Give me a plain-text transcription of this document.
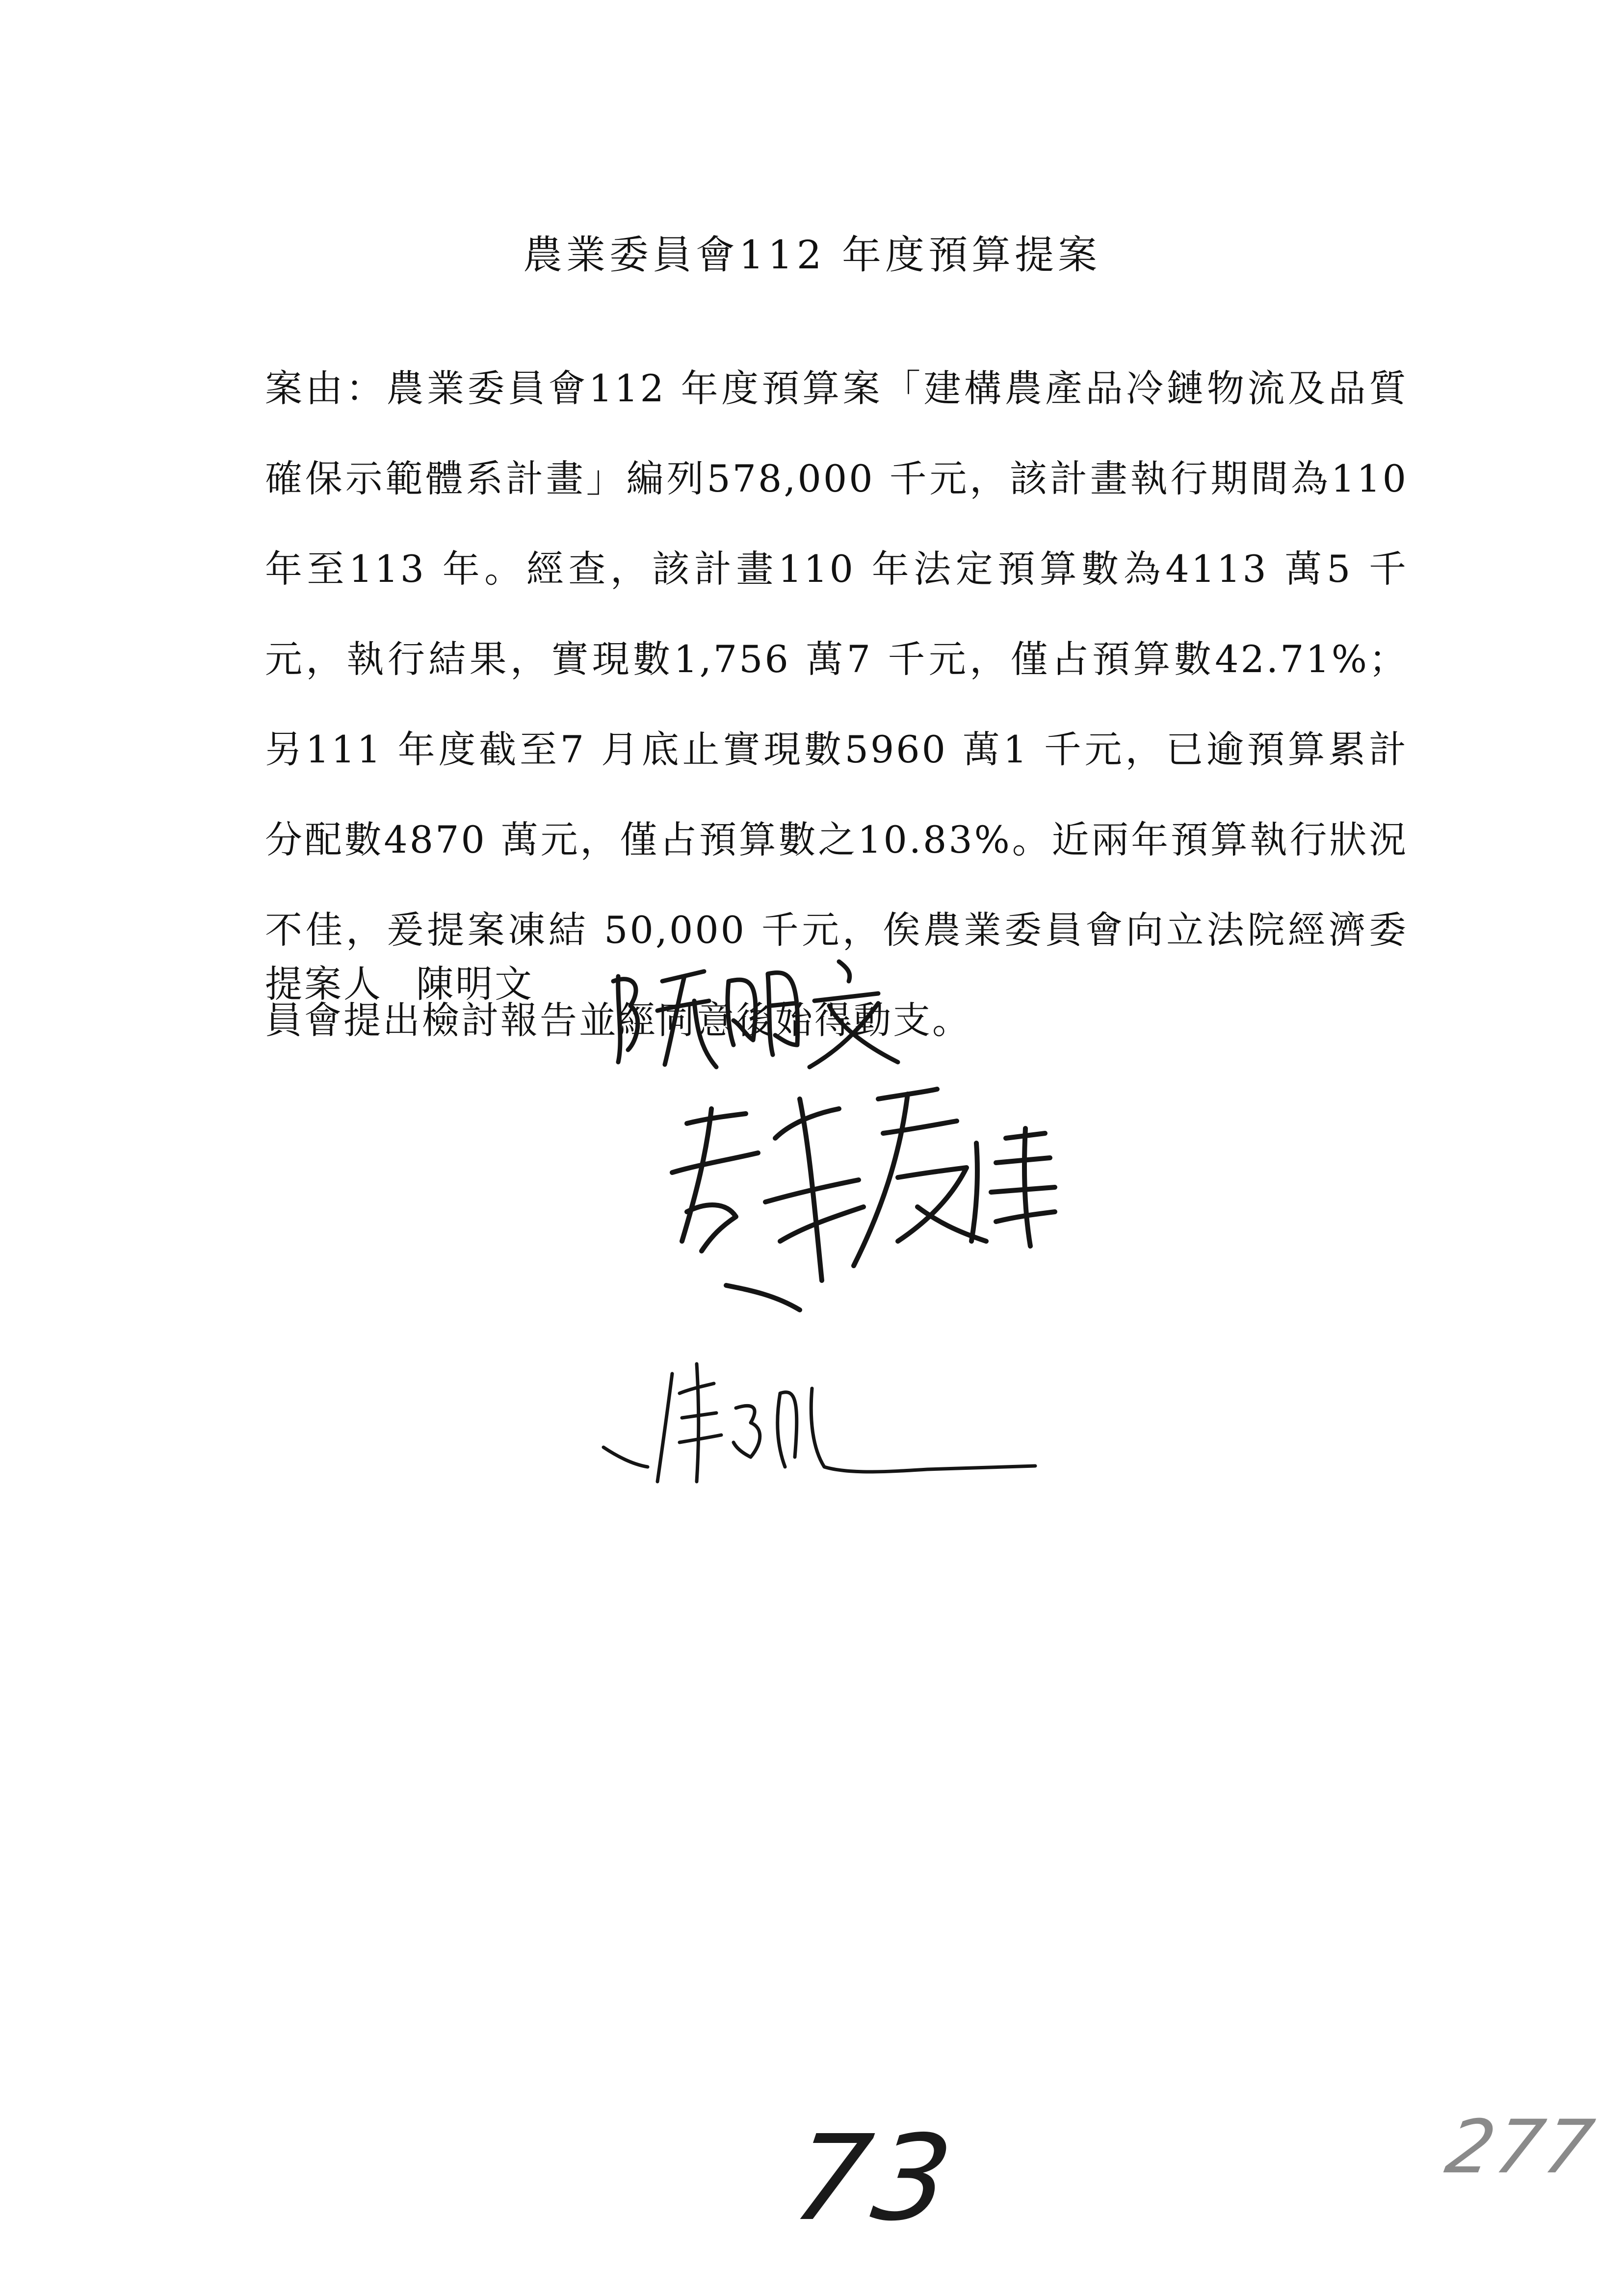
農業委員會112 年度預算提案
案由：農業委員會112 年度預算案「建構農產品冷鏈物流及品質確保示範體系計畫」編列578,000 千元，該計畫執行期間為110 年至113 年。經查，該計畫110 年法定預算數為4113 萬5 千元，執行結果，實現數1,756 萬7 千元，僅占預算數42.71%；另111 年度截至7 月底止實現數5960 萬1 千元，已逾預算累計分配數4870 萬元，僅占預算數之10.83%。近兩年預算執行狀況不佳，爰提案凍結 50,000 千元，俟農業委員會向立法院經濟委員會提出檢討報告並經同意後始得動支。
提案人 陳明文
73	277
